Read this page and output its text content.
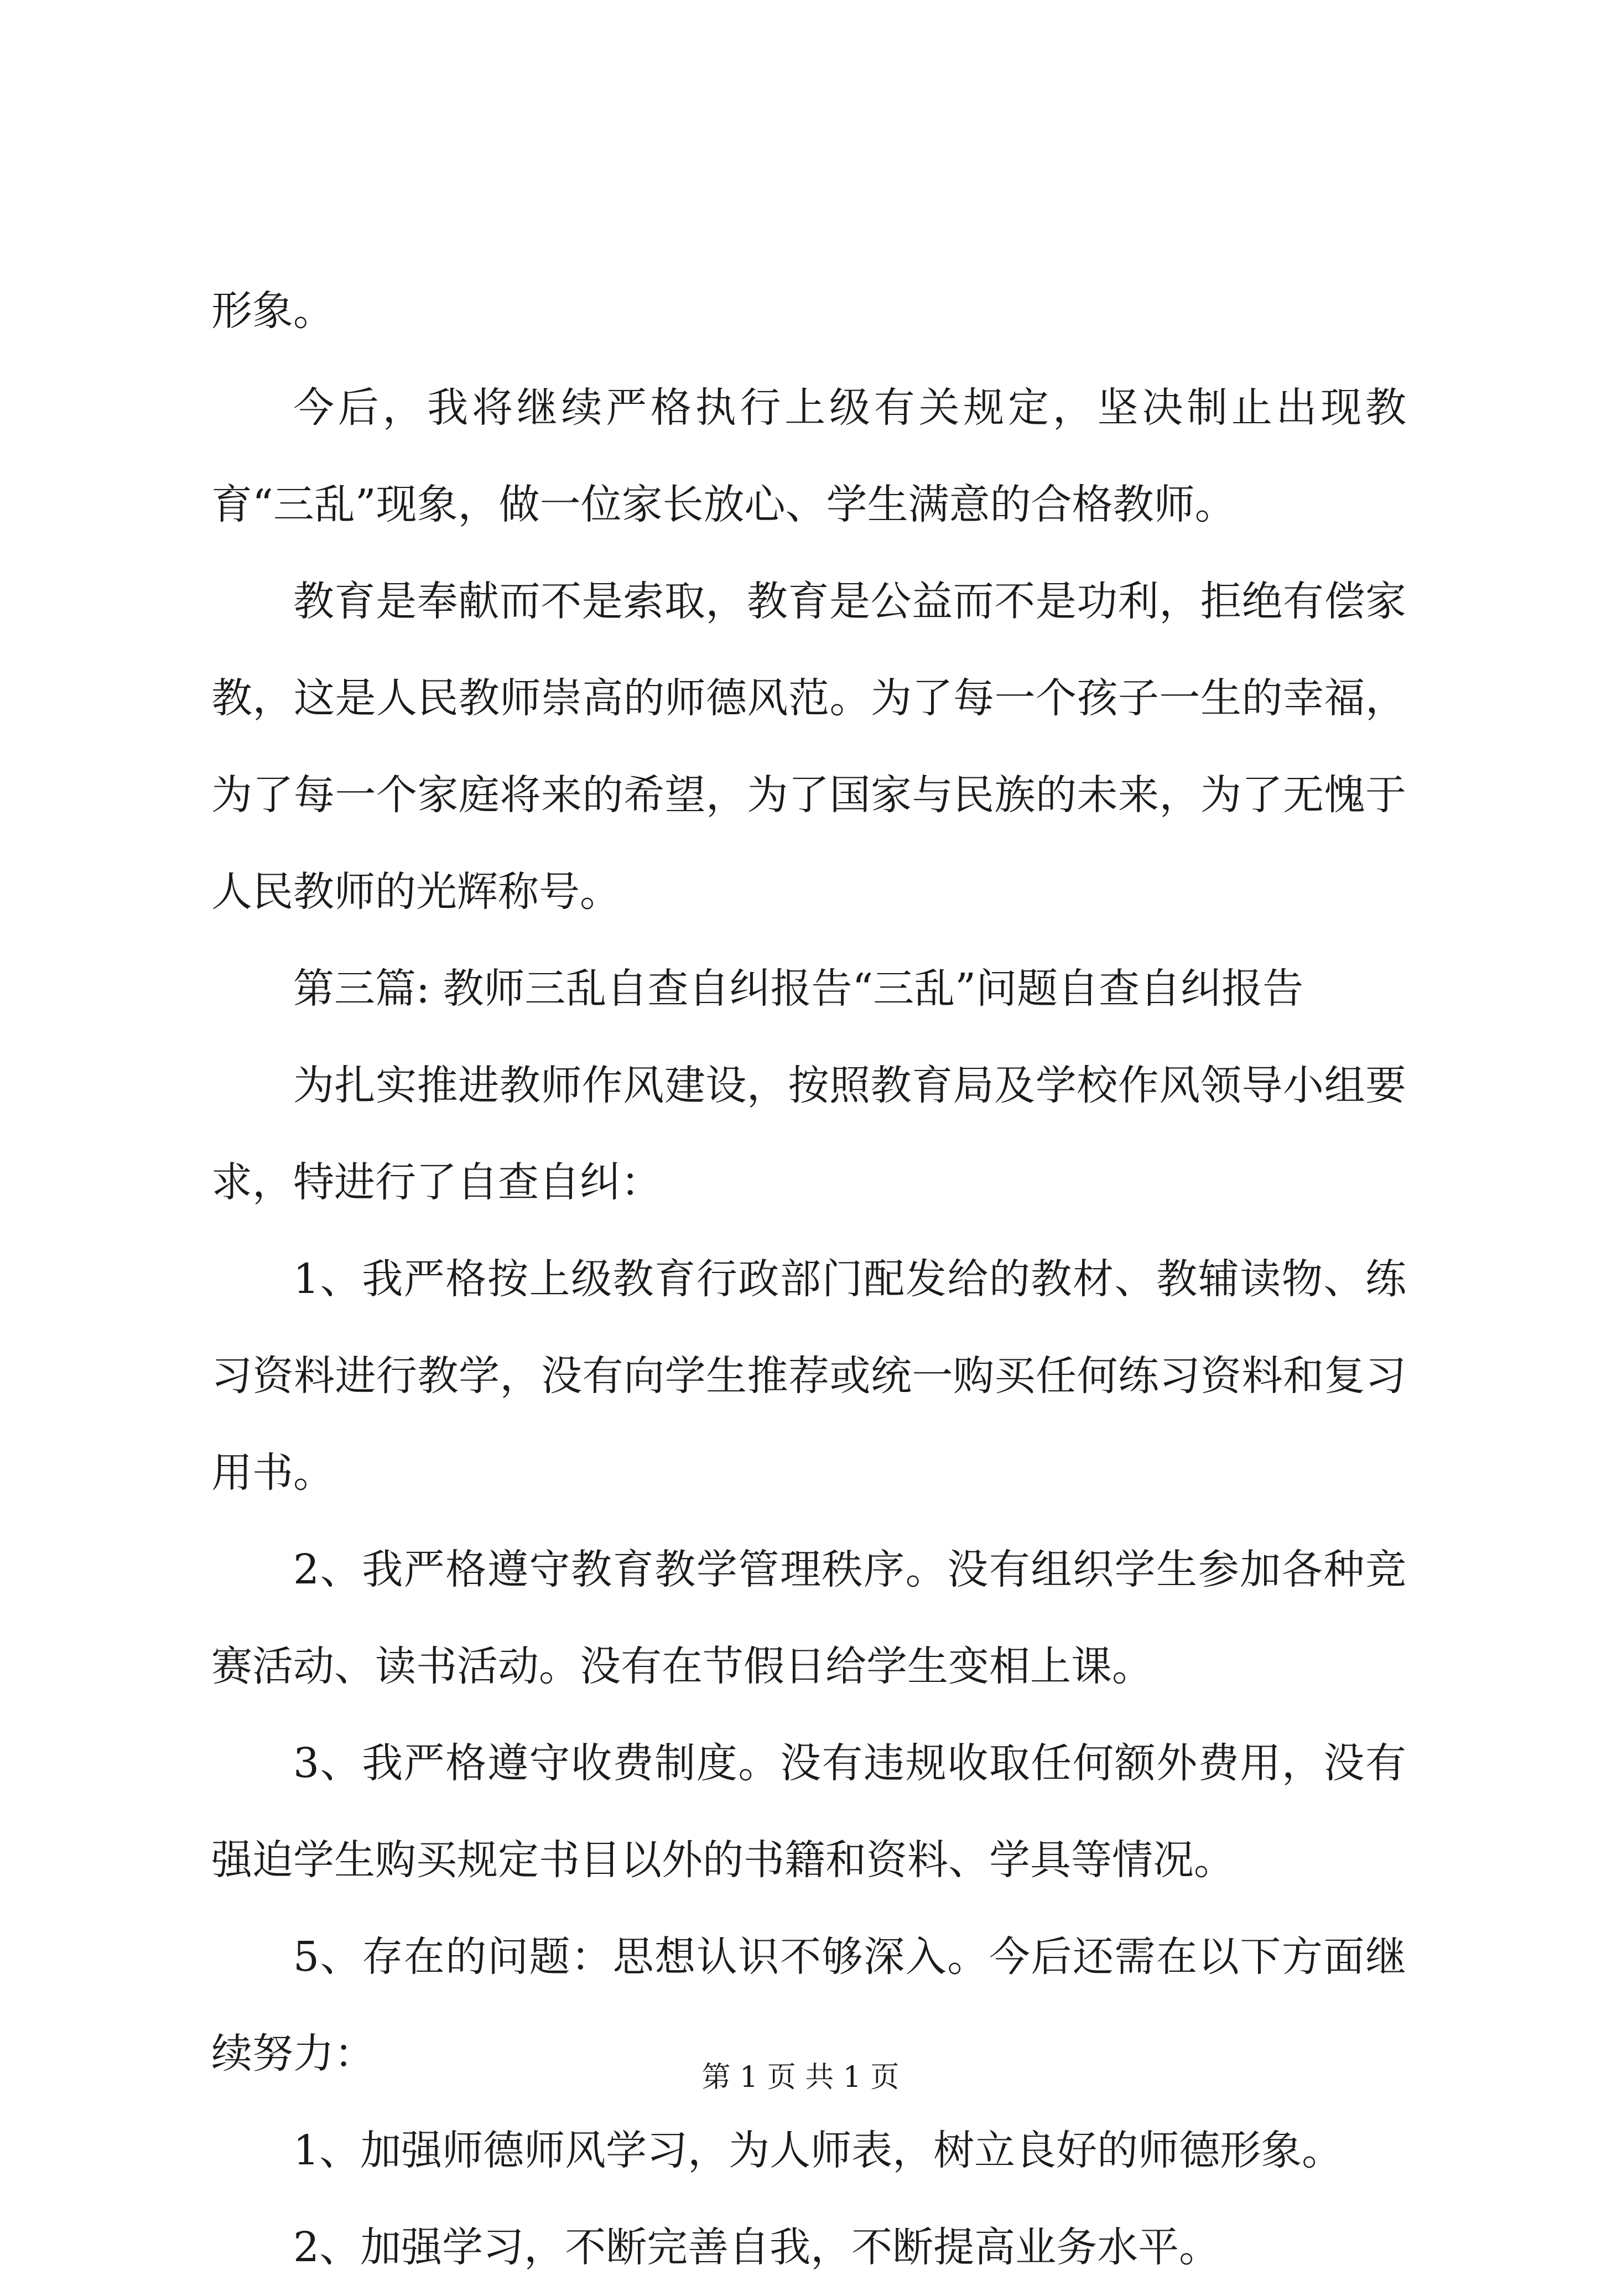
形象。

今后，我将继续严格执行上级有关规定，坚决制止出现教育“三乱”现象，做一位家长放心、学生满意的合格教师。

教育是奉献而不是索取，教育是公益而不是功利，拒绝有偿家教，这是人民教师崇高的师德风范。为了每一个孩子一生的幸福，为了每一个家庭将来的希望，为了国家与民族的未来，为了无愧于人民教师的光辉称号。

第三篇: 教师三乱自查自纠报告“三乱”问题自查自纠报告

为扎实推进教师作风建设，按照教育局及学校作风领导小组要求，特进行了自查自纠：

1、我严格按上级教育行政部门配发给的教材、教辅读物、练习资料进行教学，没有向学生推荐或统一购买任何练习资料和复习用书。

2、我严格遵守教育教学管理秩序。没有组织学生参加各种竞赛活动、读书活动。没有在节假日给学生变相上课。

3、我严格遵守收费制度。没有违规收取任何额外费用，没有强迫学生购买规定书目以外的书籍和资料、学具等情况。

5、存在的问题：思想认识不够深入。今后还需在以下方面继续努力：

1、加强师德师风学习，为人师表，树立良好的师德形象。

2、加强学习，不断完善自我，不断提高业务水平。

第 1 页 共 1 页
